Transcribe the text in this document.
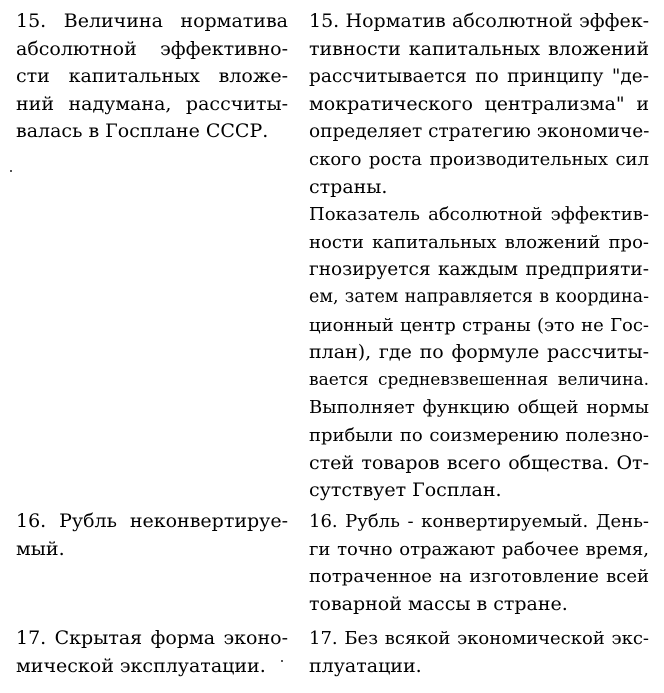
15. Величина норматива
абсолютной эффективно-
сти капитальных вложе-
ний надумана, рассчиты-
валась в Госплане СССР.
15. Норматив абсолютной эффек-
тивности капитальных вложений
рассчитывается по принципу "де-
мократического централизма" и
определяет стратегию экономиче-
ского роста производительных сил
страны.
Показатель абсолютной эффектив-
ности капитальных вложений про-
гнозируется каждым предприяти-
ем, затем направляется в координа-
ционный центр страны (это не Гос-
план), где по формуле рассчиты-
вается средневзвешенная величина.
Выполняет функцию общей нормы
прибыли по соизмерению полезно-
стей товаров всего общества. От-
сутствует Госплан.
16. Рубль неконвертируе-
мый.
16. Рубль - конвертируемый. День-
ги точно отражают рабочее время,
потраченное на изготовление всей
товарной массы в стране.
17. Скрытая форма эконо-
мической эксплуатации.
17. Без всякой экономической экс-
плуатации.
